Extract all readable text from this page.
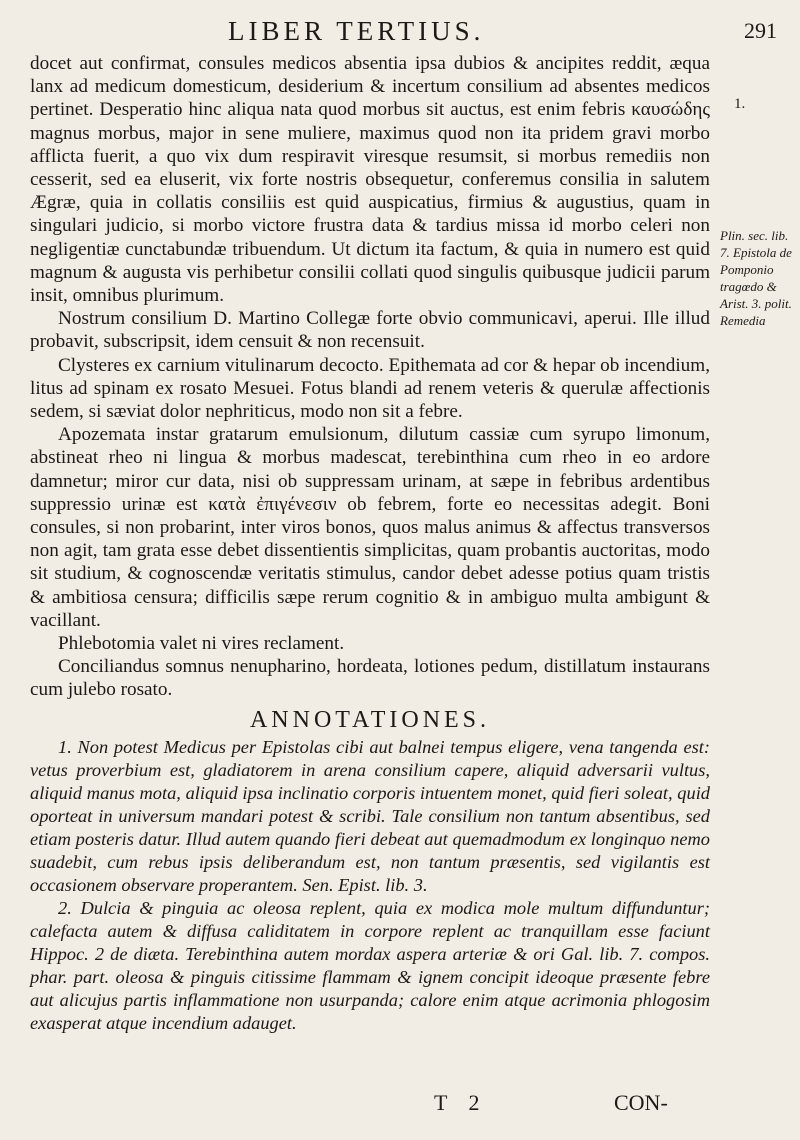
LIBER TERTIUS.	291

docet aut confirmat, consules medicos absentia ipsa dubios & ancipites reddit, æqua lanx ad medicum domesticum, desiderium & incertum consilium ad absentes medicos pertinet. Desperatio hinc aliqua nata quod morbus sit auctus, est enim febris καυσώδης magnus morbus, major in sene muliere, maximus quod non ita pridem gravi morbo afflicta fuerit, a quo vix dum respiravit viresque resumsit, si morbus remediis non cesserit, sed ea eluserit, vix forte nostris obsequetur, conferemus consilia in salutem Ægræ, quia in collatis consiliis est quid auspicatius, firmius & augustius, quam in singulari judicio, si morbo victore frustra data & tardius missa id morbo celeri non negligentiæ cunctabundæ tribuendum. Ut dictum ita factum, & quia in numero est quid magnum & augusta vis perhibetur consilii collati quod singulis quibusque judicii parum insit, omnibus plurimum.

Nostrum consilium D. Martino Collegæ forte obvio communicavi, aperui. Ille illud probavit, subscripsit, idem censuit & non recensuit.

Clysteres ex carnium vitulinarum decocto. Epithemata ad cor & hepar ob incendium, litus ad spinam ex rosato Mesuei. Fotus blandi ad renem veteris & querulæ affectionis sedem, si sæviat dolor nephriticus, modo non sit a febre.

Apozemata instar gratarum emulsionum, dilutum cassiæ cum syrupo limonum, abstineat rheo ni lingua & morbus madescat, terebinthina cum rheo in eo ardore damnetur; miror cur data, nisi ob suppressam urinam, at sæpe in febribus ardentibus suppressio urinæ est κατὰ ἐπιγένεσιν ob febrem, forte eo necessitas adegit. Boni consules, si non probarint, inter viros bonos, quos malus animus & affectus transversos non agit, tam grata esse debet dissentientis simplicitas, quam probantis auctoritas, modo sit studium, & cognoscendæ veritatis stimulus, candor debet adesse potius quam tristis & ambitiosa censura; difficilis sæpe rerum cognitio & in ambiguo multa ambigunt & vacillant.

Phlebotomia valet ni vires reclament.

Conciliandus somnus nenupharino, hordeata, lotiones pedum, distillatum instaurans cum julebo rosato.

ANNOTATIONES.

1. Non potest Medicus per Epistolas cibi aut balnei tempus eligere, vena tangenda est: vetus proverbium est, gladiatorem in arena consilium capere, aliquid adversarii vultus, aliquid manus mota, aliquid ipsa inclinatio corporis intuentem monet, quid fieri soleat, quid oporteat in universum mandari potest & scribi. Tale consilium non tantum absentibus, sed etiam posteris datur. Illud autem quando fieri debeat aut quemadmodum ex longinquo nemo suadebit, cum rebus ipsis deliberandum est, non tantum præsentis, sed vigilantis est occasionem observare properantem. Sen. Epist. lib. 3.

2. Dulcia & pinguia ac oleosa replent, quia ex modica mole multum diffunduntur; calefacta autem & diffusa caliditatem in corpore replent ac tranquillam esse faciunt Hippoc. 2 de diæta. Terebinthina autem mordax aspera arteriæ & ori Gal. lib. 7. compos. phar. part. oleosa & pinguis citissime flammam & ignem concipit ideoque præsente febre aut alicujus partis inflammatione non usurpanda; calore enim atque acrimonia phlogosim exasperat atque incendium adauget.

1.
Plin. sec. lib. 7. Epistola de Pomponio tragœdo & Arist. 3. polit.
Remedia
T 2	CON-
